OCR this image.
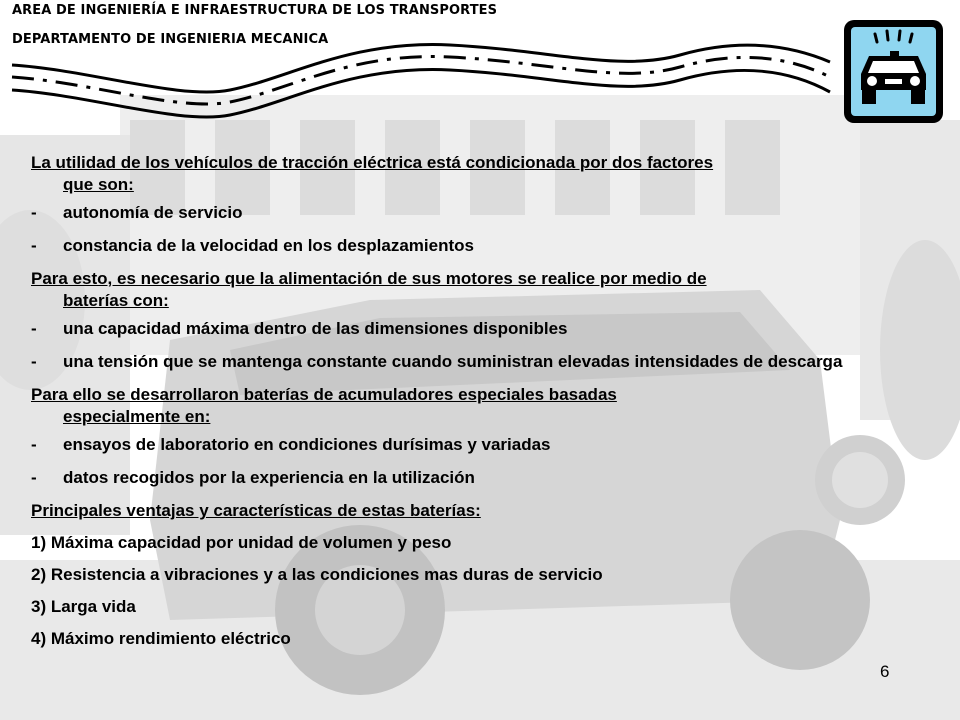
AREA DE INGENIERÍA E INFRAESTRUCTURA DE LOS TRANSPORTES
DEPARTAMENTO DE INGENIERIA MECANICA
La utilidad de los vehículos de tracción eléctrica está condicionada por dos factores
que son:
-	autonomía de servicio
-	constancia de la velocidad en los desplazamientos
Para esto, es necesario que la alimentación de sus motores se realice por medio de
baterías con:
-	una capacidad máxima dentro de las dimensiones disponibles
-	una tensión que se mantenga constante cuando suministran elevadas intensidades de descarga
Para ello se desarrollaron baterías de acumuladores especiales basadas
especialmente en:
-	ensayos de laboratorio en condiciones durísimas y variadas
-	datos recogidos por la experiencia en la utilización
Principales ventajas y características de estas baterías:
1) Máxima capacidad por unidad de volumen y peso
2) Resistencia a vibraciones y a las condiciones mas duras de servicio
3) Larga vida
4) Máximo rendimiento eléctrico
6
